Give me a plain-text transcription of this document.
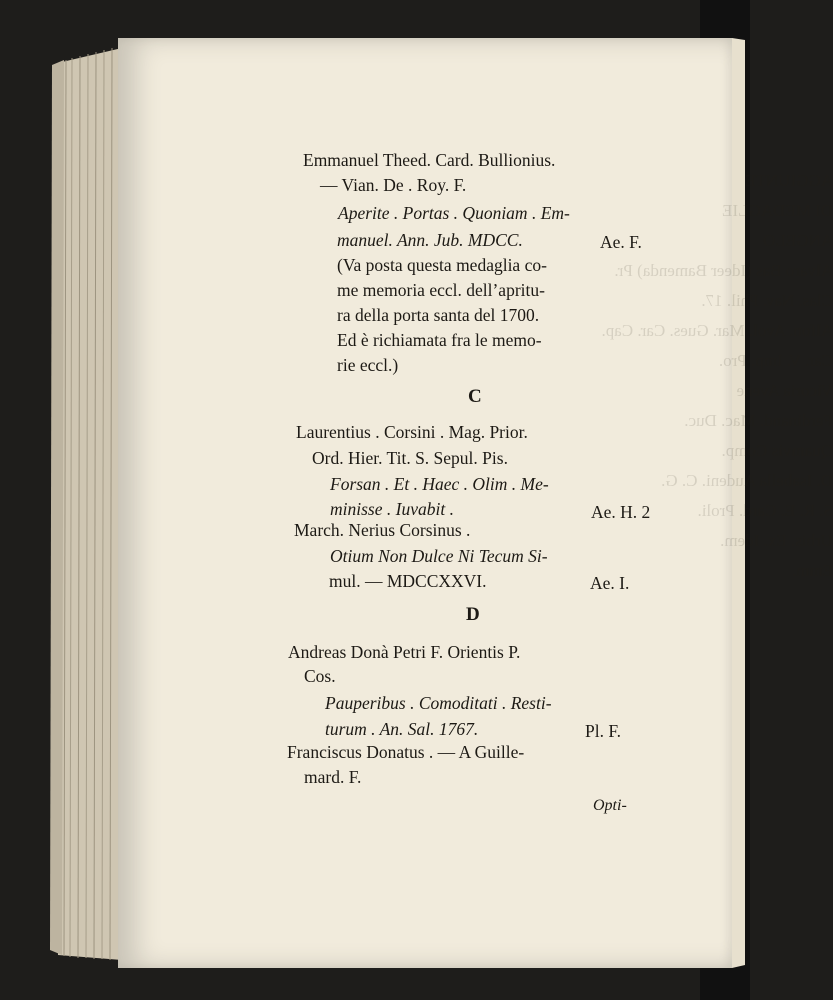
AGGIUNTE
DI MEDAGLIE
ANGELO
Alvaro Bas (Ideer Bamenda) Pr.
Clas. Nav. Phil. 17.
Alfon. Avol. Mar. Gues. Car. Cap.
Car. V. Imp. Pro.
Vicoria Avene
Ferdinand. Mac. Duc.
Quamvis Comp.
D. Isabella Audeni. C. G.
S. R. E. Card. Proli.
Urbis. Ex. Idem.
Emm.
Emmanuel Theed. Card. Bullionius.
— Vian. De . Roy. F.
Aperite . Portas . Quoniam . Em-
manuel. Ann. Jub. MDCC.	Ae. F.
(Va posta questa medaglia co-
me memoria eccl. dell’apritu-
ra della porta santa del 1700.
Ed è richiamata fra le memo-
rie eccl.)
C
Laurentius . Corsini . Mag. Prior.
Ord. Hier. Tit. S. Sepul. Pis.
Forsan . Et . Haec . Olim . Me-
minisse . Iuvabit .	Ae. H. 2
March. Nerius Corsinus .
Otium Non Dulce Ni Tecum Si-
mul. — MDCCXXVI.	Ae. I.
D
Andreas Donà Petri F. Orientis P.
Cos.
Pauperibus . Comoditati . Resti-
turum . An. Sal. 1767.	Pl. F.
Franciscus Donatus . — A Guille-
mard. F.
Opti-
